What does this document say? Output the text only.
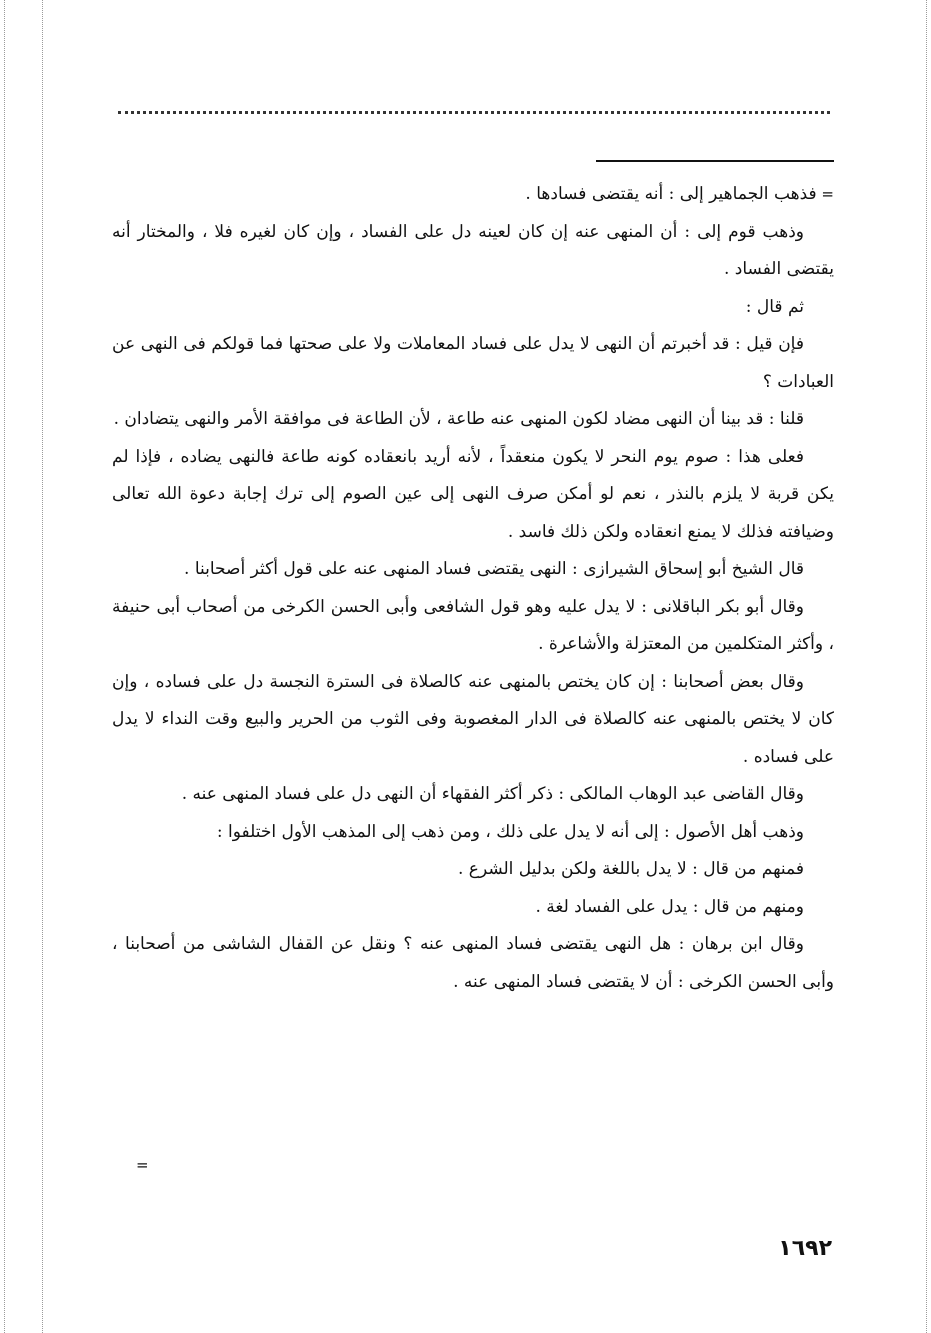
= فذهب الجماهير إلى : أنه يقتضى فسادها .

وذهب قوم إلى : أن المنهى عنه إن كان لعينه دل على الفساد ، وإن كان لغيره فلا ، والمختار أنه يقتضى الفساد .

ثم قال :

فإن قيل : قد أخبرتم أن النهى لا يدل على فساد المعاملات ولا على صحتها فما قولكم فى النهى عن العبادات ؟

قلنا : قد بينا أن النهى مضاد لكون المنهى عنه طاعة ، لأن الطاعة فى موافقة الأمر والنهى يتضادان .

فعلى هذا : صوم يوم النحر لا يكون منعقداً ، لأنه أريد بانعقاده كونه طاعة فالنهى يضاده ، فإذا لم يكن قربة لا يلزم بالنذر ، نعم لو أمكن صرف النهى إلى عين الصوم إلى ترك إجابة دعوة الله تعالى وضيافته فذلك لا يمنع انعقاده ولكن ذلك فاسد .

قال الشيخ أبو إسحاق الشيرازى : النهى يقتضى فساد المنهى عنه على قول أكثر أصحابنا .

وقال أبو بكر الباقلانى : لا يدل عليه وهو قول الشافعى وأبى الحسن الكرخى من أصحاب أبى حنيفة ، وأكثر المتكلمين من المعتزلة والأشاعرة .

وقال بعض أصحابنا : إن كان يختص بالمنهى عنه كالصلاة فى السترة النجسة دل على فساده ، وإن كان لا يختص بالمنهى عنه كالصلاة فى الدار المغصوبة وفى الثوب من الحرير والبيع وقت النداء لا يدل على فساده .

وقال القاضى عبد الوهاب المالكى : ذكر أكثر الفقهاء أن النهى دل على فساد المنهى عنه .

وذهب أهل الأصول : إلى أنه لا يدل على ذلك ، ومن ذهب إلى المذهب الأول اختلفوا :

فمنهم من قال : لا يدل باللغة ولكن بدليل الشرع .

ومنهم من قال : يدل على الفساد لغة .

وقال ابن برهان : هل النهى يقتضى فساد المنهى عنه ؟ ونقل عن القفال الشاشى من أصحابنا ، وأبى الحسن الكرخى : أن لا يقتضى فساد المنهى عنه .

=
١٦٩٢
